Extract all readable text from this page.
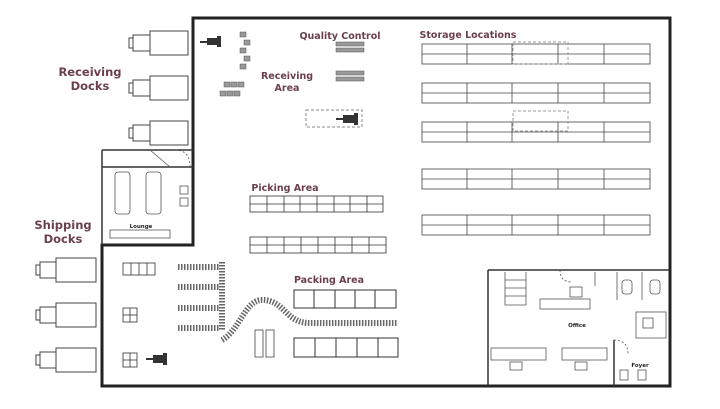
Receiving
Docks
Shipping
Docks
Quality Control
Receiving
Area
Storage Locations
Picking Area
Packing Area
Lounge
Office
Foyer
